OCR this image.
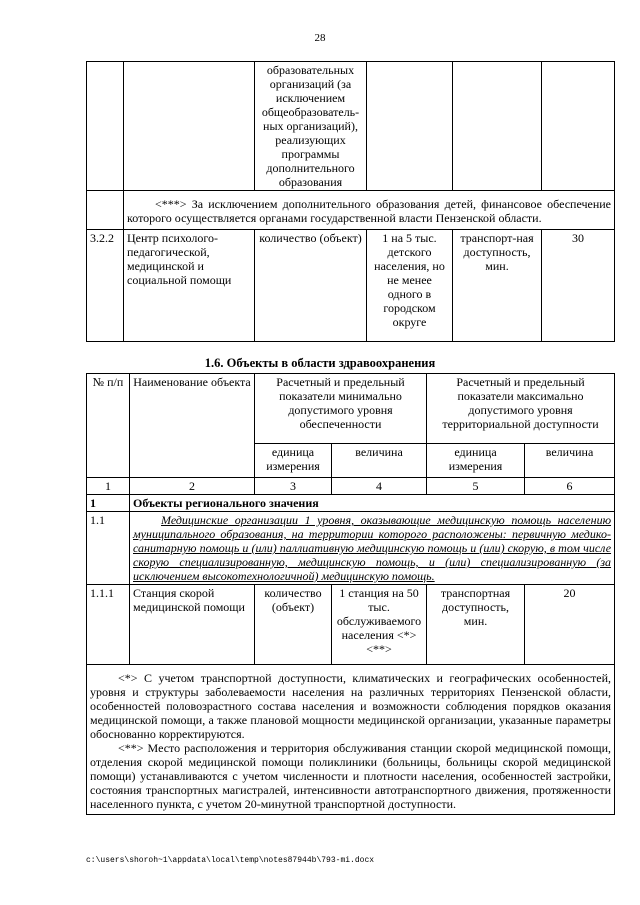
28
		образовательных организаций (за исключением общеобразователь-ных организаций), реализующих программы дополнительного образования			
	<***> За исключением дополнительного образования детей, финансовое обеспечение которого осуществляется органами государственной власти Пензенской области.				
3.2.2	Центр психолого-педагогической, медицинской и социальной помощи	количество (объект)	1 на 5 тыс. детского населения, но не менее одного в городском округе	транспорт-ная доступность, мин.	30
1.6. Объекты в области здравоохранения
№ п/п	Наименование объекта	Расчетный и предельный показатели минимально допустимого уровня обеспеченности		Расчетный и предельный показатели максимально допустимого уровня территориальной доступности	
		единица измерения	величина	единица измерения	величина
1	2	3	4	5	6
1	Объекты регионального значения				
1.1	Медицинские организации 1 уровня, оказывающие медицинскую помощь населению муниципального образования, на территории которого расположены: первичную медико-санитарную помощь и (или) паллиативную медицинскую помощь и (или) скорую, в том числе скорую специализированную, медицинскую помощь, и (или) специализированную (за исключением высокотехнологичной) медицинскую помощь.				
1.1.1	Станция скорой медицинской помощи	количество (объект)	1 станция на 50 тыс. обслуживаемого населения <*> <**>	транспортная доступность, мин.	20

<*> С учетом транспортной доступности, климатических и географических особенностей, уровня и структуры заболеваемости населения на различных территориях Пензенской области, особенностей половозрастного состава населения и возможности соблюдения порядков оказания медицинской помощи, а также плановой мощности медицинской организации, указанные параметры обоснованно корректируются.

<**> Место расположения и территория обслуживания станции скорой медицинской помощи, отделения скорой медицинской помощи поликлиники (больницы, больницы скорой медицинской помощи) устанавливаются с учетом численности и плотности населения, особенностей застройки, состояния транспортных магистралей, интенсивности автотранспортного движения, протяженности населенного пункта, с учетом 20-минутной транспортной доступности.					

c:\users\shoroh~1\appdata\local\temp\notes87944b\793-mi.docx
